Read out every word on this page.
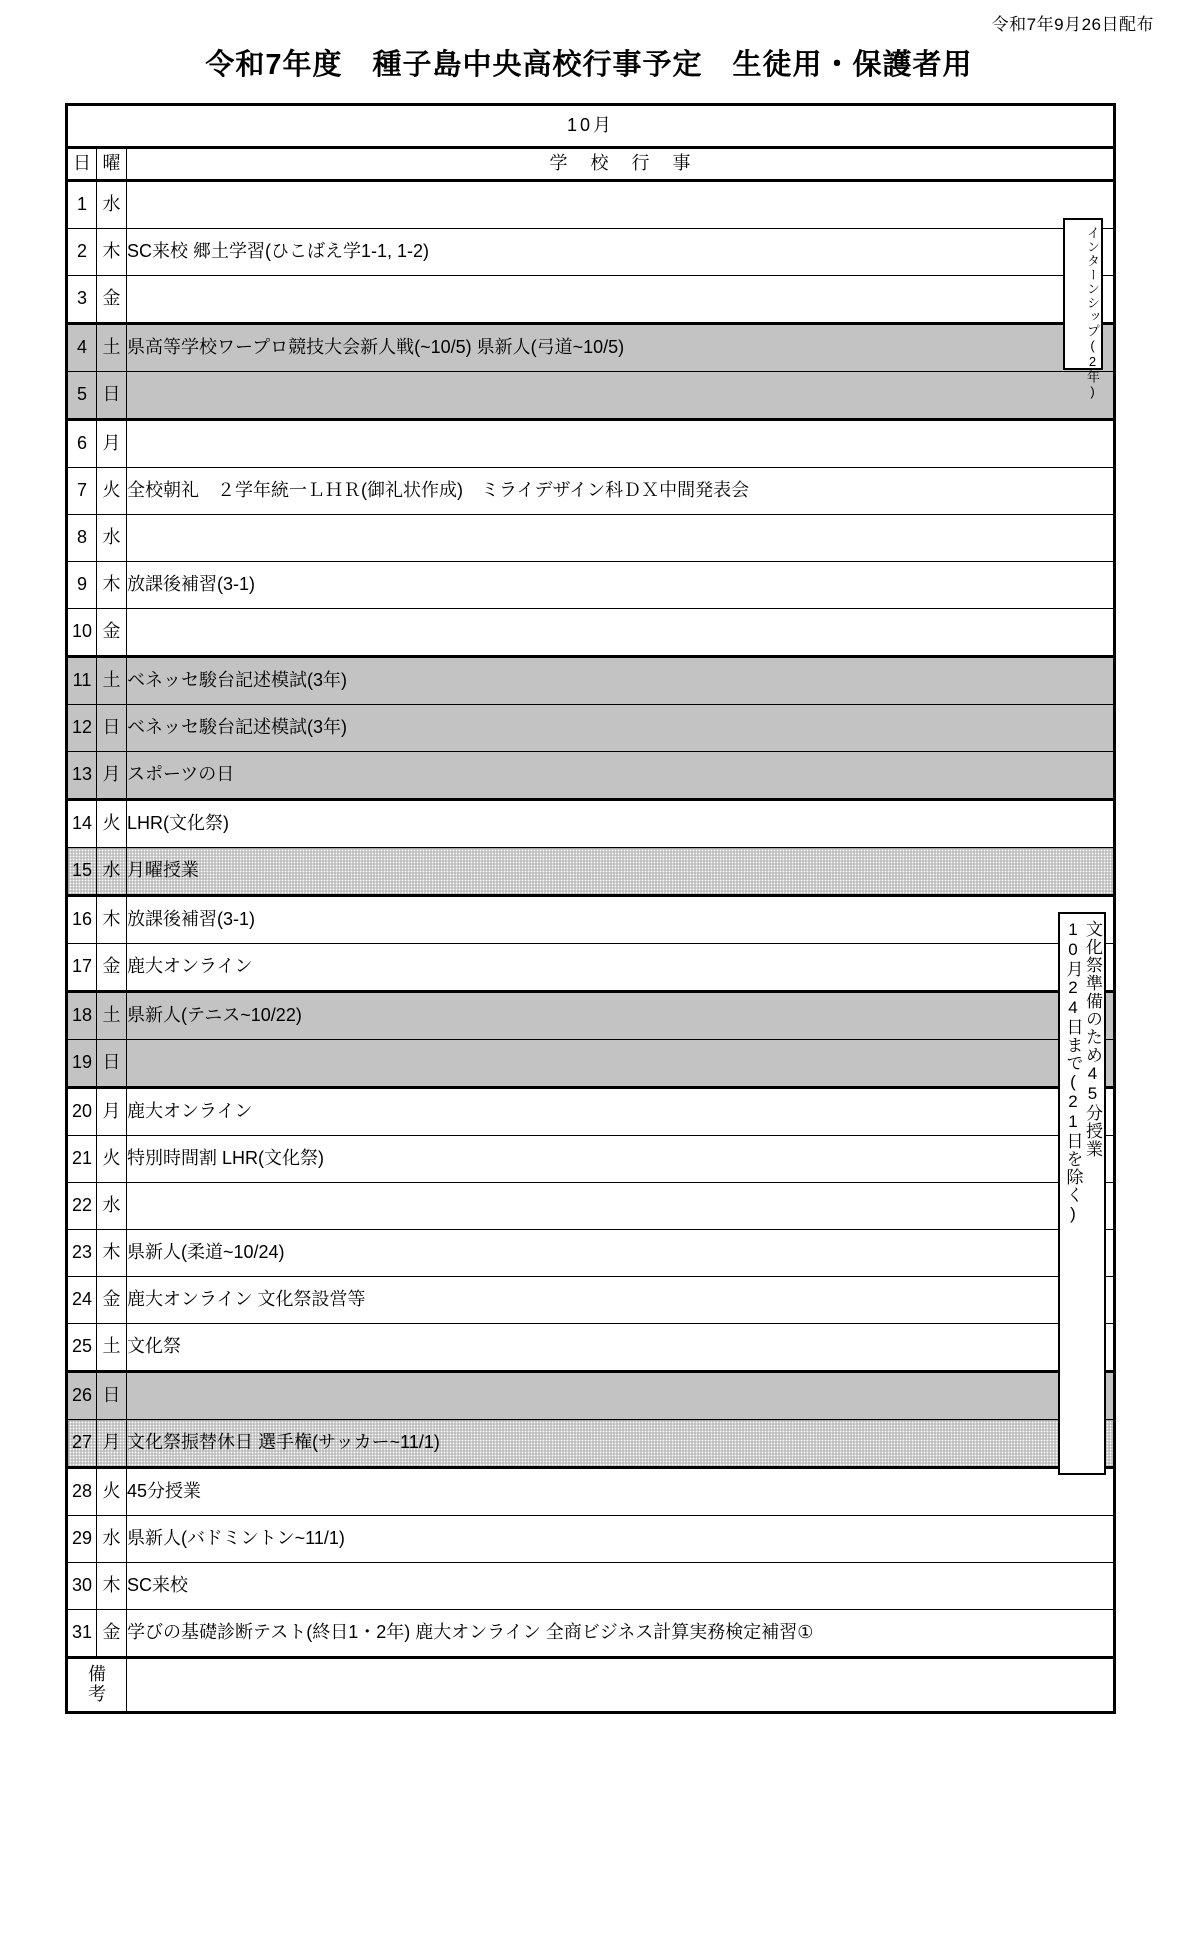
令和7年9月26日配布
令和7年度　種子島中央高校行事予定　生徒用・保護者用
10月		
日	曜	学 校 行 事
1	水	
2	木	SC来校 郷土学習(ひこばえ学1-1, 1-2)
3	金	
4	土	県高等学校ワープロ競技大会新人戦(~10/5) 県新人(弓道~10/5)
5	日	
6	月	
7	火	全校朝礼　２学年統一ＬＨＲ(御礼状作成)　ミライデザイン科ＤＸ中間発表会
8	水	
9	木	放課後補習(3-1)
10	金	
11	土	ベネッセ駿台記述模試(3年)
12	日	ベネッセ駿台記述模試(3年)
13	月	スポーツの日
14	火	LHR(文化祭)
15	水	月曜授業
16	木	放課後補習(3-1)
17	金	鹿大オンライン
18	土	県新人(テニス~10/22)
19	日	
20	月	鹿大オンライン
21	火	特別時間割 LHR(文化祭)
22	水	
23	木	県新人(柔道~10/24)
24	金	鹿大オンライン 文化祭設営等
25	土	文化祭
26	日	
27	月	文化祭振替休日 選手権(サッカー~11/1)
28	火	45分授業
29	水	県新人(バドミントン~11/1)
30	木	SC来校
31	金	学びの基礎診断テスト(終日1・2年) 鹿大オンライン 全商ビジネス計算実務検定補習①

備
考		

インターンシップ(2年)
文化祭準備のため45分授業
10月24日まで(21日を除く)
